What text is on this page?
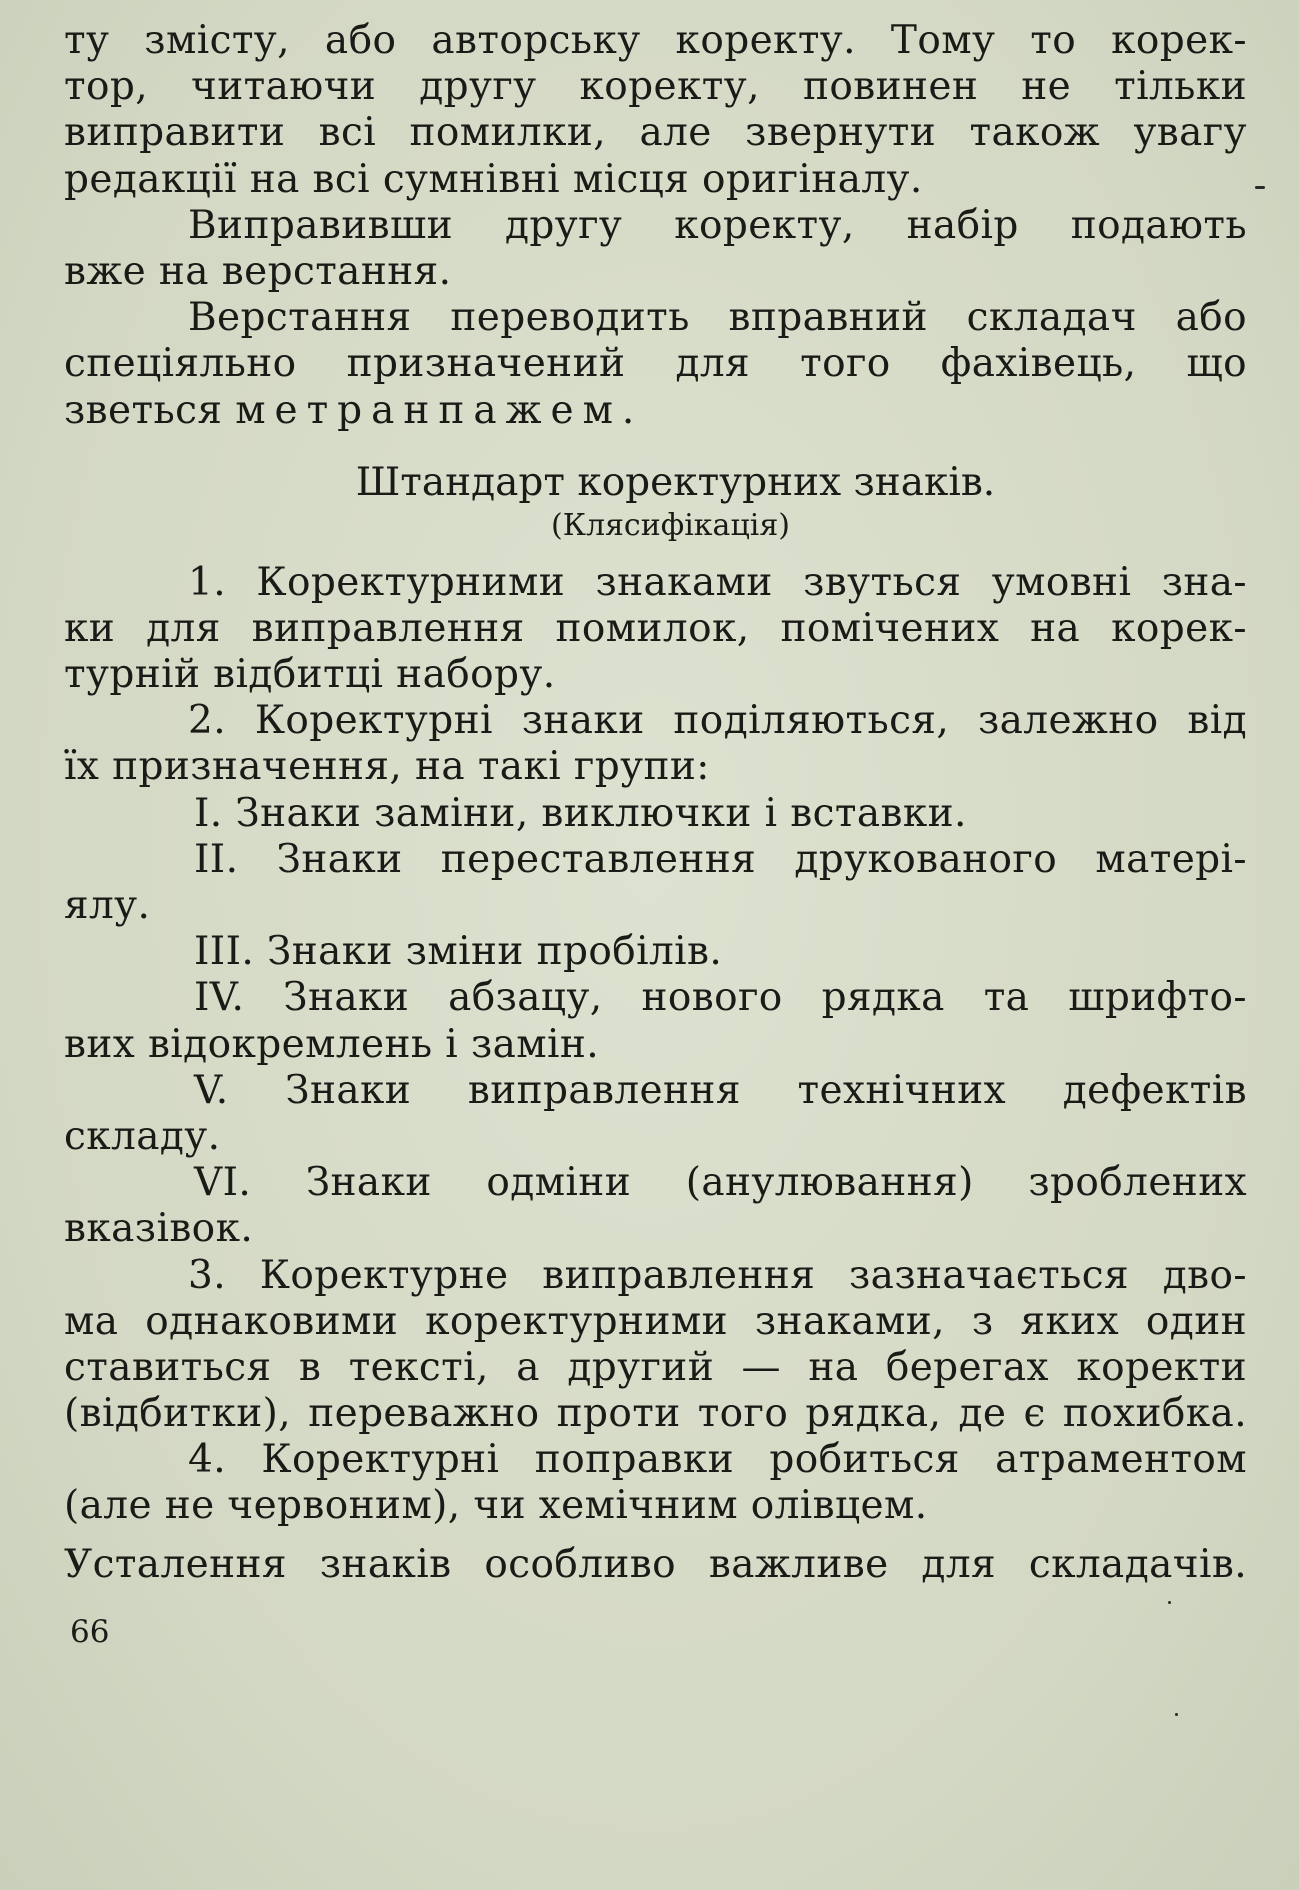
ту змісту, або авторську коректу. Тому то корек-
тор, читаючи другу коректу, повинен не тільки
виправити всі помилки, але звернути також увагу
редакції на всі сумнівні місця оригіналу.
Виправивши другу коректу, набір подають
вже на верстання.
Верстання переводить вправний складач або
спеціяльно призначений для того фахівець, що
зветься метранпажем.
Штандарт коректурних знаків.
(Клясифікація)
1. Коректурними знаками звуться умовні зна-
ки для виправлення помилок, помічених на корек-
турній відбитці набору.
2. Коректурні знаки поділяються, залежно від
їх призначення, на такі групи:
I. Знаки заміни, виключки і вставки.
II. Знаки переставлення друкованого матері-
ялу.
III. Знаки зміни пробілів.
IV. Знаки абзацу, нового рядка та шрифто-
вих відокремлень і замін.
V. Знаки виправлення технічних дефектів
складу.
VI. Знаки одміни (анулювання) зроблених
вказівок.
3. Коректурне виправлення зазначається дво-
ма однаковими коректурними знаками, з яких один
ставиться в тексті, а другий — на берегах коректи
(відбитки), переважно проти того рядка, де є похибка.
4. Коректурні поправки робиться атраментом
(але не червоним), чи хемічним олівцем.
Усталення знаків особливо важливе для складачів.
66
